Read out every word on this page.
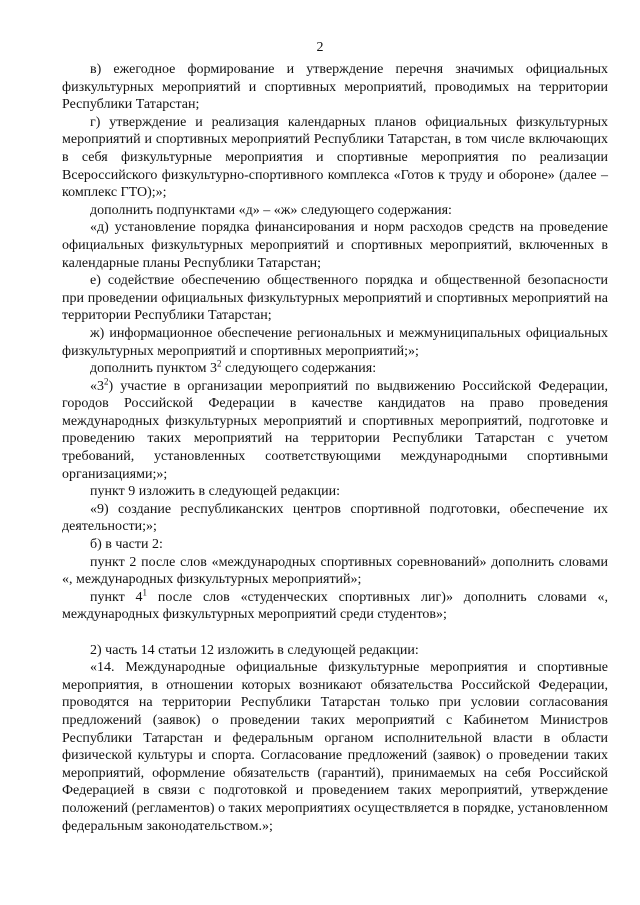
2

в) ежегодное формирование и утверждение перечня значимых официальных физкультурных мероприятий и спортивных мероприятий, проводимых на территории Республики Татарстан;

г) утверждение и реализация календарных планов официальных физкультурных мероприятий и спортивных мероприятий Республики Татарстан, в том числе включающих в себя физкультурные мероприятия и спортивные мероприятия по реализации Всероссийского физкультурно-спортивного комплекса «Готов к труду и обороне» (далее – комплекс ГТО);»;

дополнить подпунктами «д» – «ж» следующего содержания:

«д) установление порядка финансирования и норм расходов средств на проведение официальных физкультурных мероприятий и спортивных мероприятий, включенных в календарные планы Республики Татарстан;

е) содействие обеспечению общественного порядка и общественной безопасности при проведении официальных физкультурных мероприятий и спортивных мероприятий на территории Республики Татарстан;

ж) информационное обеспечение региональных и межмуниципальных официальных физкультурных мероприятий и спортивных мероприятий;»;

дополнить пунктом $3^2$ следующего содержания:

«$3^2$) участие в организации мероприятий по выдвижению Российской Федерации, городов Российской Федерации в качестве кандидатов на право проведения международных физкультурных мероприятий и спортивных мероприятий, подготовке и проведению таких мероприятий на территории Республики Татарстан с учетом требований, установленных соответствующими международными спортивными организациями;»;

пункт 9 изложить в следующей редакции:

«9) создание республиканских центров спортивной подготовки, обеспечение их деятельности;»;

б) в части 2:

пункт 2 после слов «международных спортивных соревнований» дополнить словами «, международных физкультурных мероприятий»;

пункт $4^1$ после слов «студенческих спортивных лиг)» дополнить словами «, международных физкультурных мероприятий среди студентов»;

2) часть 14 статьи 12 изложить в следующей редакции:

«14. Международные официальные физкультурные мероприятия и спортивные мероприятия, в отношении которых возникают обязательства Российской Федерации, проводятся на территории Республики Татарстан только при условии согласования предложений (заявок) о проведении таких мероприятий с Кабинетом Министров Республики Татарстан и федеральным органом исполнительной власти в области физической культуры и спорта. Согласование предложений (заявок) о проведении таких мероприятий, оформление обязательств (гарантий), принимаемых на себя Российской Федерацией в связи с подготовкой и проведением таких мероприятий, утверждение положений (регламентов) о таких мероприятиях осуществляется в порядке, установленном федеральным законодательством.»;
